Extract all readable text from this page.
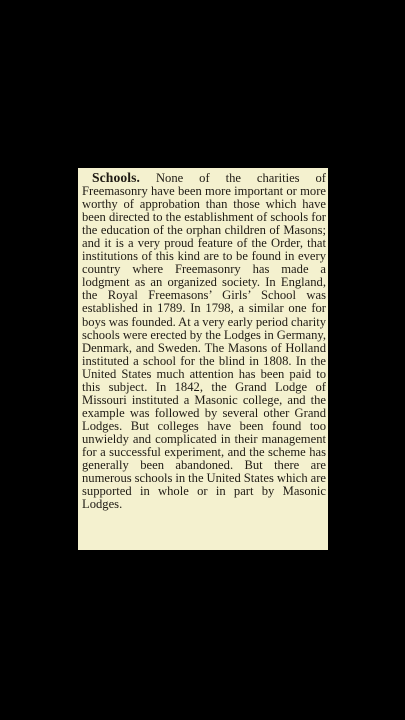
Schools. None of the charities of Freemasonry have been more important or more worthy of approbation than those which have been directed to the establishment of schools for the education of the orphan children of Masons; and it is a very proud feature of the Order, that institutions of this kind are to be found in every country where Freemasonry has made a lodgment as an organized society. In England, the Royal Freemasons’ Girls’ School was established in 1789. In 1798, a similar one for boys was founded. At a very early period charity schools were erected by the Lodges in Germany, Denmark, and Sweden. The Masons of Holland instituted a school for the blind in 1808. In the United States much attention has been paid to this subject. In 1842, the Grand Lodge of Missouri instituted a Masonic college, and the example was followed by several other Grand Lodges. But colleges have been found too unwieldy and complicated in their management for a successful experiment, and the scheme has generally been abandoned. But there are numerous schools in the United States which are supported in whole or in part by Masonic Lodges.
